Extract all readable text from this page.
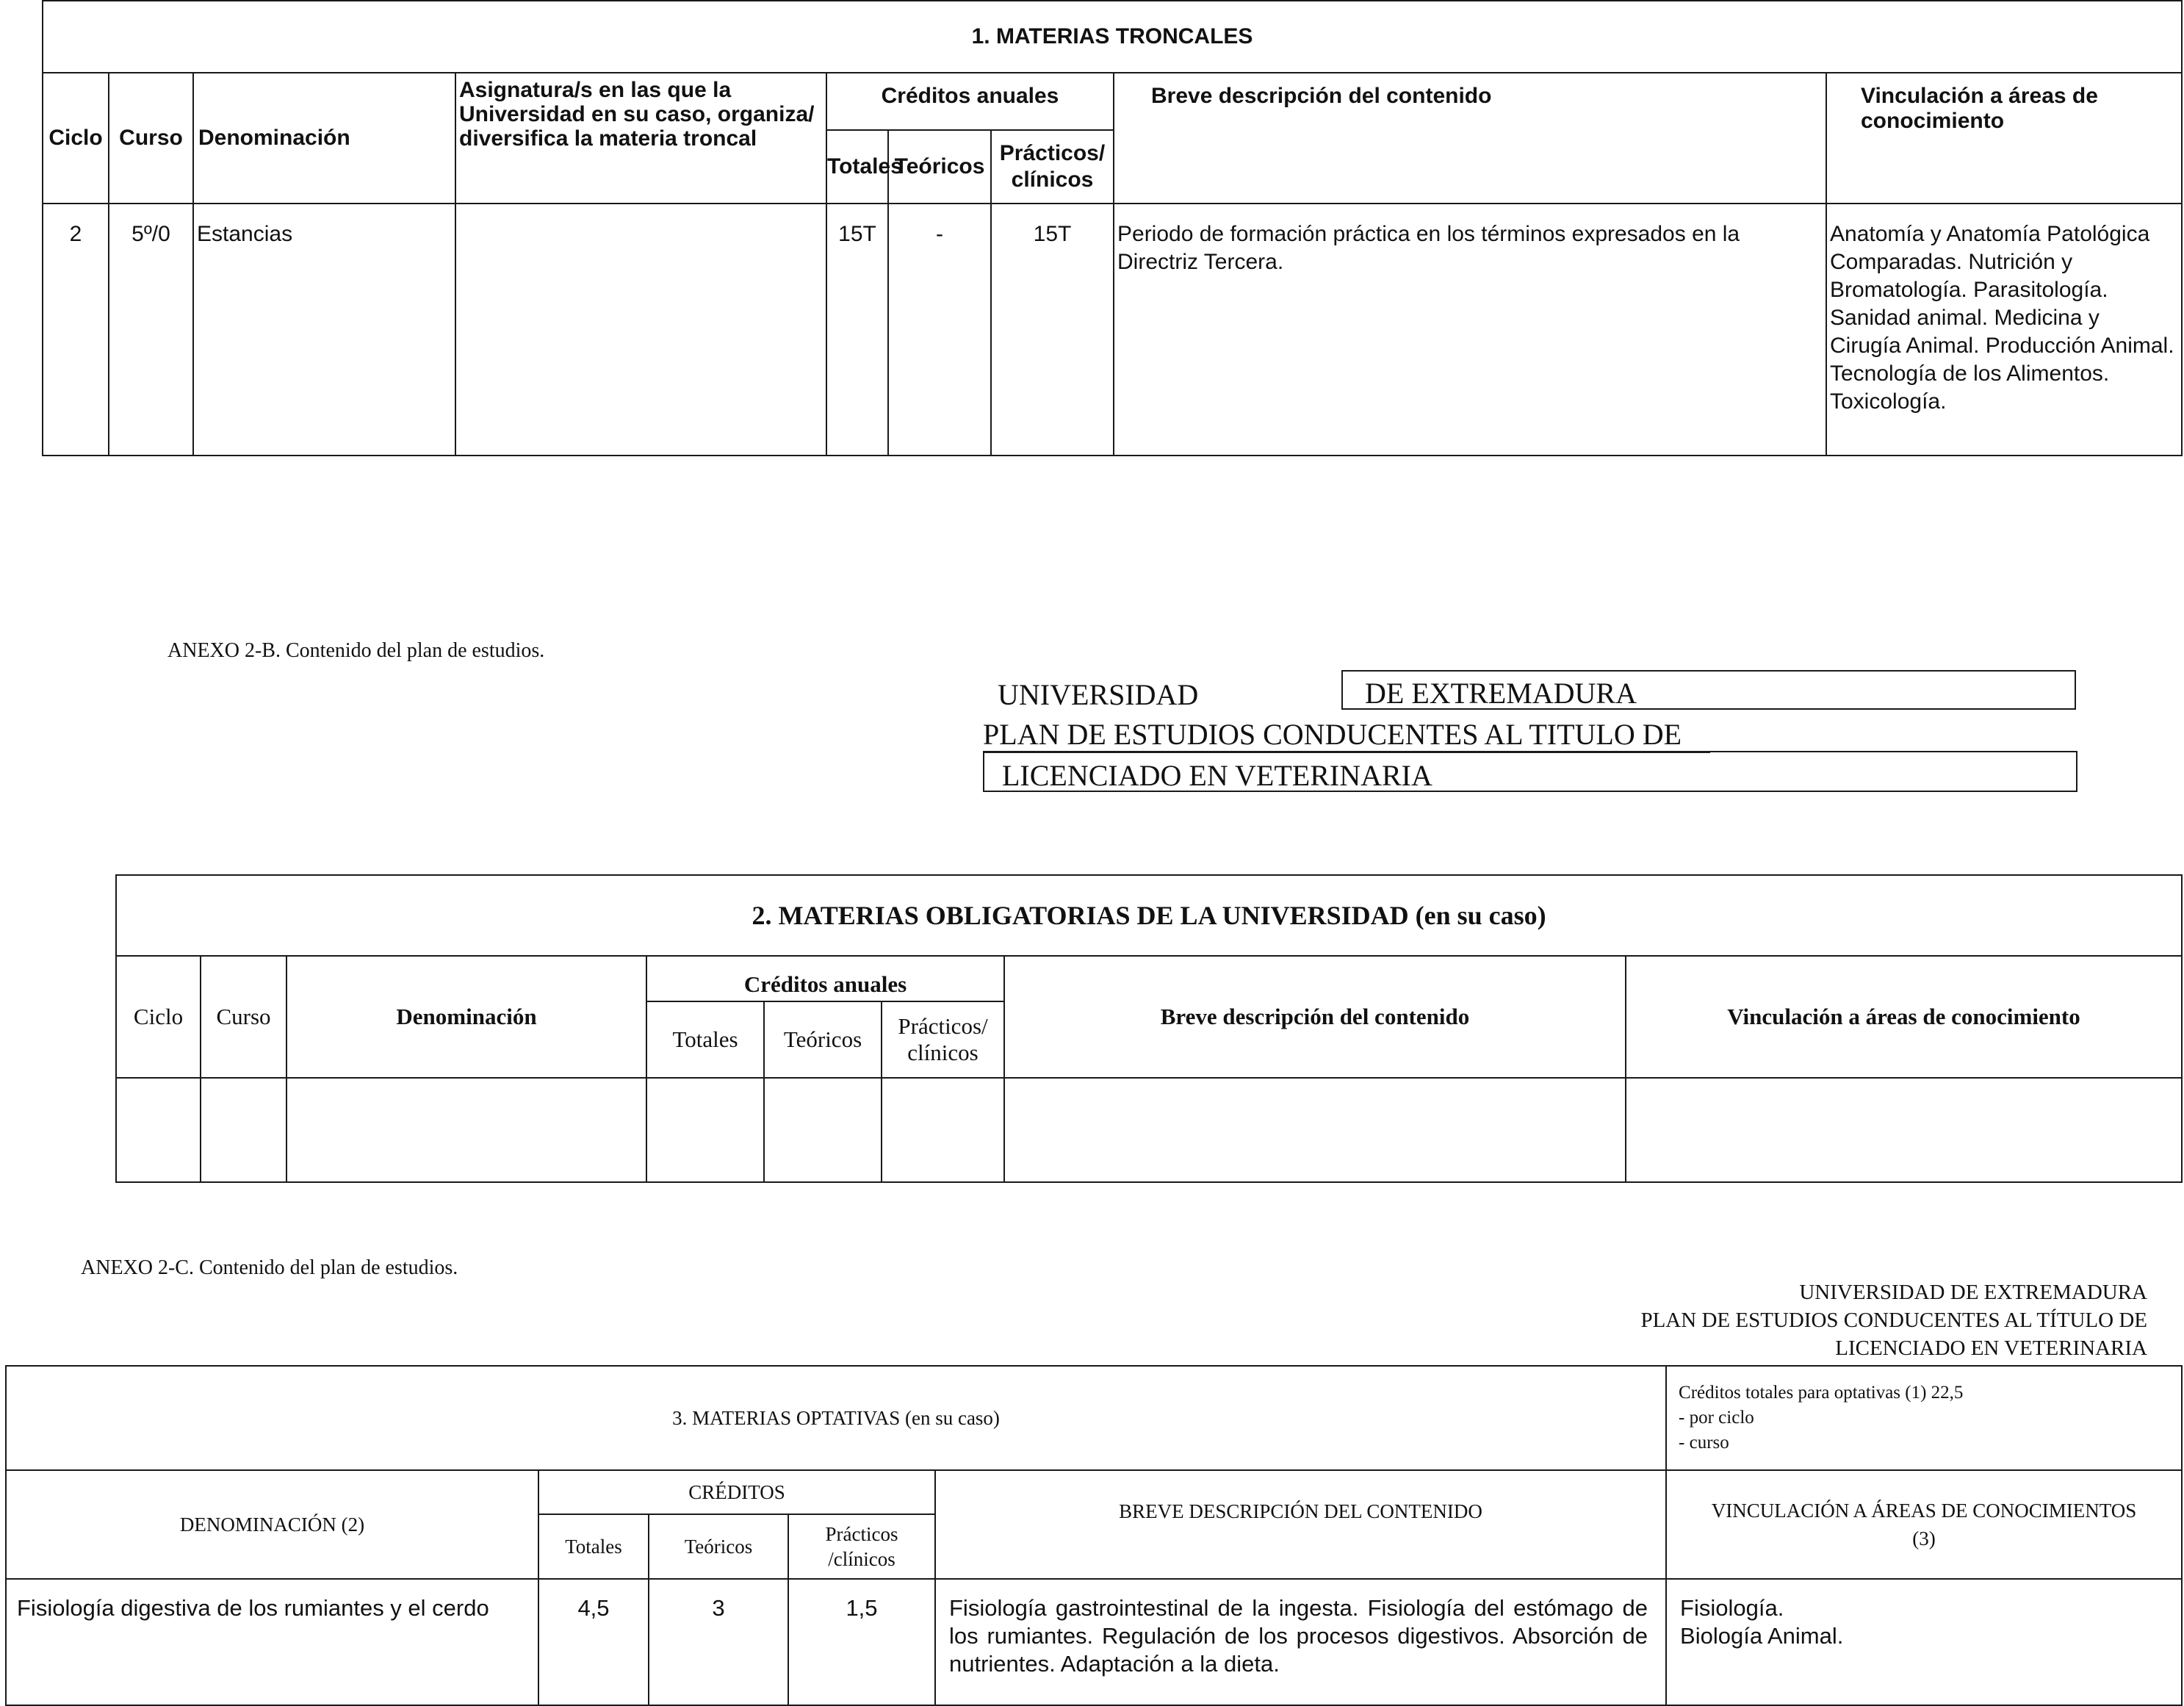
1. MATERIAS TRONCALES								
Ciclo	Curso	Denominación	Asignatura/s en las que la Universidad en su caso, organiza/ diversifica la materia troncal	Créditos anuales			Breve descripción del contenido	Vinculación a áreas de conocimiento
				Totales	Teóricos	Prácticos/ clínicos		
2	5º/0	Estancias		15T	-	15T	Periodo de formación práctica en los términos expresados en la Directriz Tercera.	Anatomía y Anatomía Patológica Comparadas. Nutrición y Bromatología. Parasitología. Sanidad animal. Medicina y Cirugía Animal. Producción Animal. Tecnología de los Alimentos. Toxicología.
ANEXO 2-B. Contenido del plan de estudios.
UNIVERSIDAD	DE EXTREMADURA
PLAN DE ESTUDIOS CONDUCENTES AL TITULO DE
LICENCIADO EN VETERINARIA
2. MATERIAS OBLIGATORIAS DE LA UNIVERSIDAD (en su caso)							
Ciclo	Curso	Denominación	Créditos anuales			Breve descripción del contenido	Vinculación a áreas de conocimiento
			Totales	Teóricos	Prácticos/ clínicos		

ANEXO 2-C. Contenido del plan de estudios.
UNIVERSIDAD DE EXTREMADURA
PLAN DE ESTUDIOS CONDUCENTES AL TÍTULO DE
LICENCIADO EN VETERINARIA
3. MATERIAS OPTATIVAS (en su caso)					Créditos totales para optativas (1) 22,5
- por ciclo
- curso

DENOMINACIÓN (2)	CRÉDITOS			BREVE DESCRIPCIÓN DEL CONTENIDO	VINCULACIÓN A ÁREAS DE CONOCIMIENTOS (3)
	Totales	Teóricos	Prácticos /clínicos		
Fisiología digestiva de los rumiantes y el cerdo	4,5	3	1,5	Fisiología gastrointestinal de la ingesta. Fisiología del estómago de los rumiantes. Regulación de los procesos digestivos. Absorción de nutrientes. Adaptación a la dieta.	Fisiología.
Biología Animal.
